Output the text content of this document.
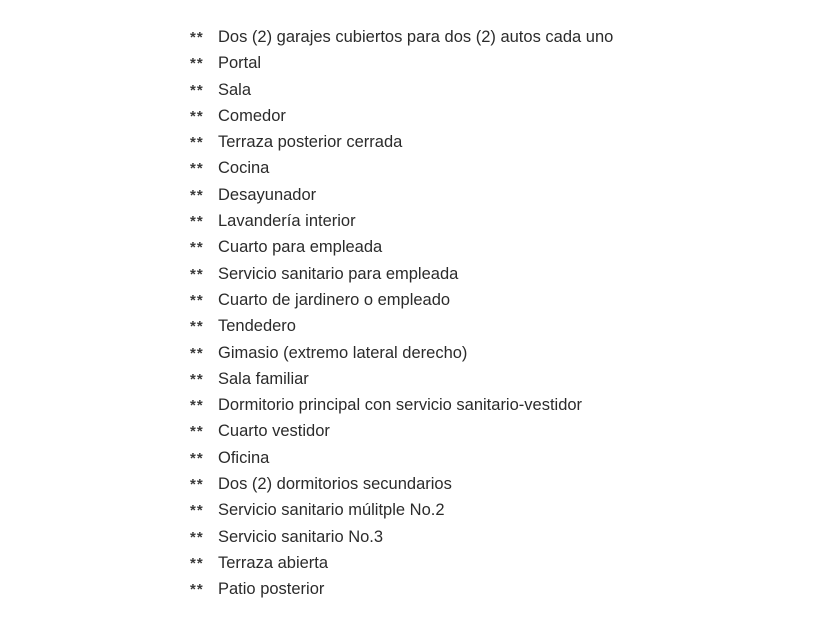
** Dos (2) garajes cubiertos para dos (2) autos cada uno
** Portal
** Sala
** Comedor
** Terraza posterior cerrada
** Cocina
** Desayunador
** Lavandería interior
** Cuarto para empleada
** Servicio sanitario para empleada
** Cuarto de jardinero o empleado
** Tendedero
** Gimasio (extremo lateral derecho)
** Sala familiar
** Dormitorio principal con servicio sanitario-vestidor
** Cuarto vestidor
** Oficina
** Dos (2) dormitorios secundarios
** Servicio sanitario múlitple No.2
** Servicio sanitario No.3
** Terraza abierta
** Patio posterior
